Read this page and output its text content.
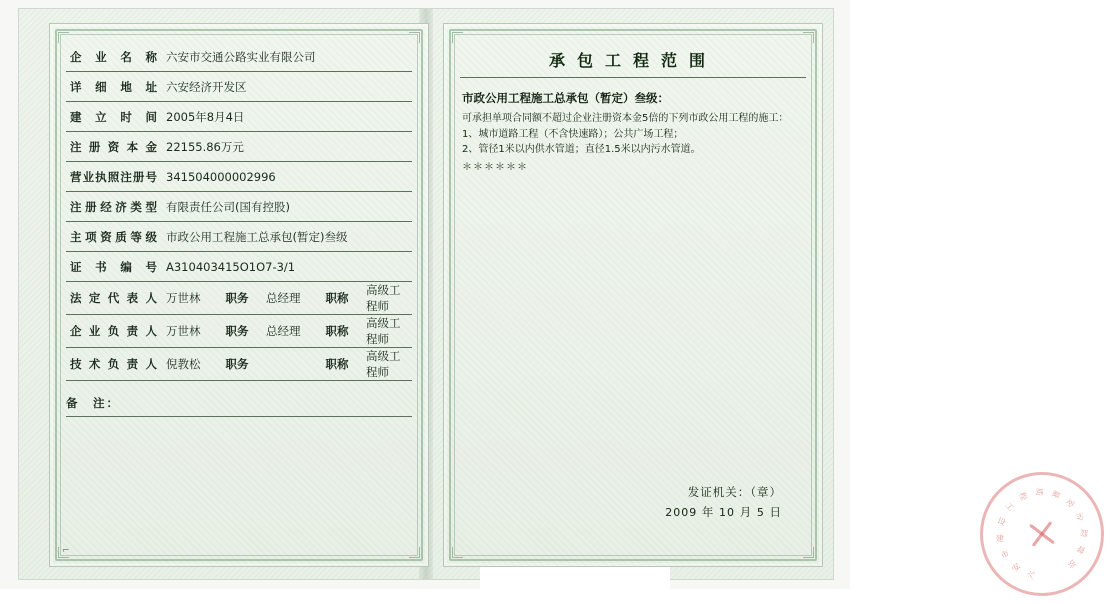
⌐
企业名称	六安市交通公路实业有限公司				
详细地址	六安经济开发区				
建立时间	2005年8月4日				
注册资本金	22155.86万元				
营业执照注册号	341504000002996				
注册经济类型	有限责任公司(国有控股)				
主项资质等级	市政公用工程施工总承包(暂定)叁级				
证书编号	A310403415O1O7-3/1				
法定代表人	万世林	职务	总经理	职称	高级工程师
企业负责人	万世林	职务	总经理	职称	高级工程师
技术负责人	倪教松	职务		职称	高级工程师
备　注：
承包工程范围
市政公用工程施工总承包（暂定）叁级：
可承担单项合同额不超过企业注册资本金5倍的下列市政公用工程的施工：
1、城市道路工程（不含快速路）；公共广场工程；
2、管径1米以内供水管道；直径1.5米以内污水管道。
＊＊＊＊＊＊
六
安
市
建
设
工
程 质 量
安
全
监
督
站
发证机关：（章）
2009 年 10 月 5 日
